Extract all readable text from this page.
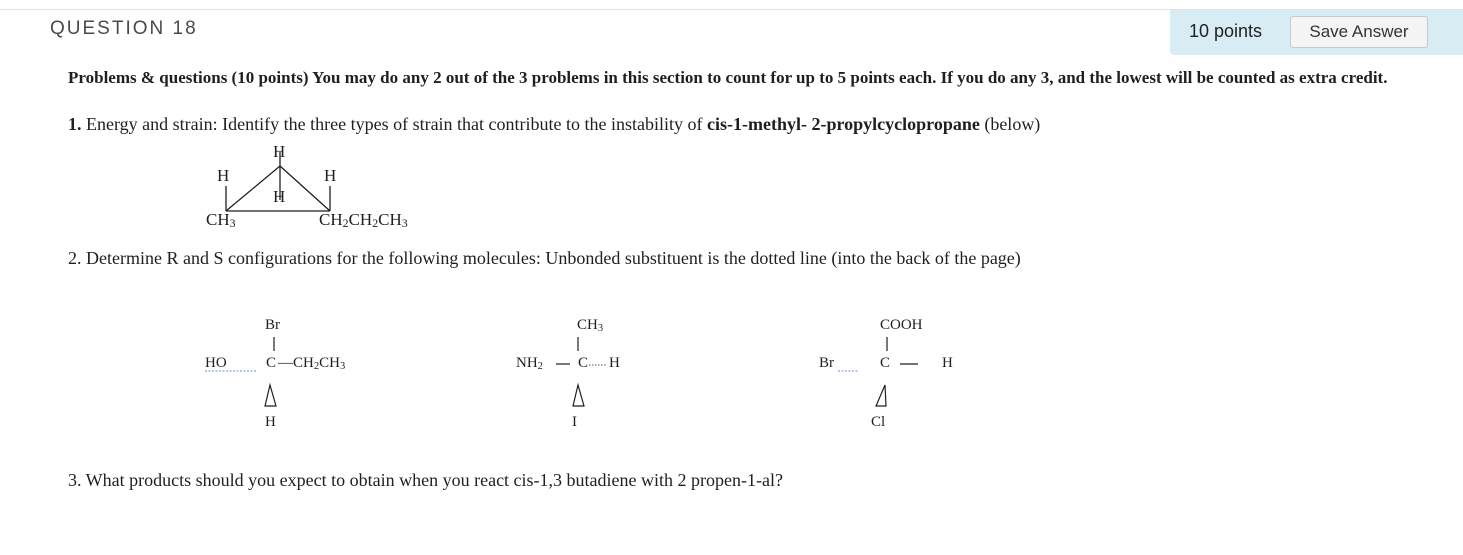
QUESTION 18	10 points	Save Answer
Problems & questions (10 points) You may do any 2 out of the 3 problems in this section to count for up to 5 points each. If you do any 3, and the lowest will be counted as extra credit.
1. Energy and strain: Identify the three types of strain that contribute to the instability of cis-1-methyl- 2-propylcyclopropane (below)
H
H	H
H
$CH_3$	$CH_2CH_2CH_3$
2. Determine R and S configurations for the following molecules: Unbonded substituent is the dotted line (into the back of the page)
Br
HO	C $—CH_2CH_3$
H
$CH_3$
$NH_2$ C H
I
COOH
Br	C	H
Cl
3. What products should you expect to obtain when you react cis-1,3 butadiene with 2 propen-1-al?
